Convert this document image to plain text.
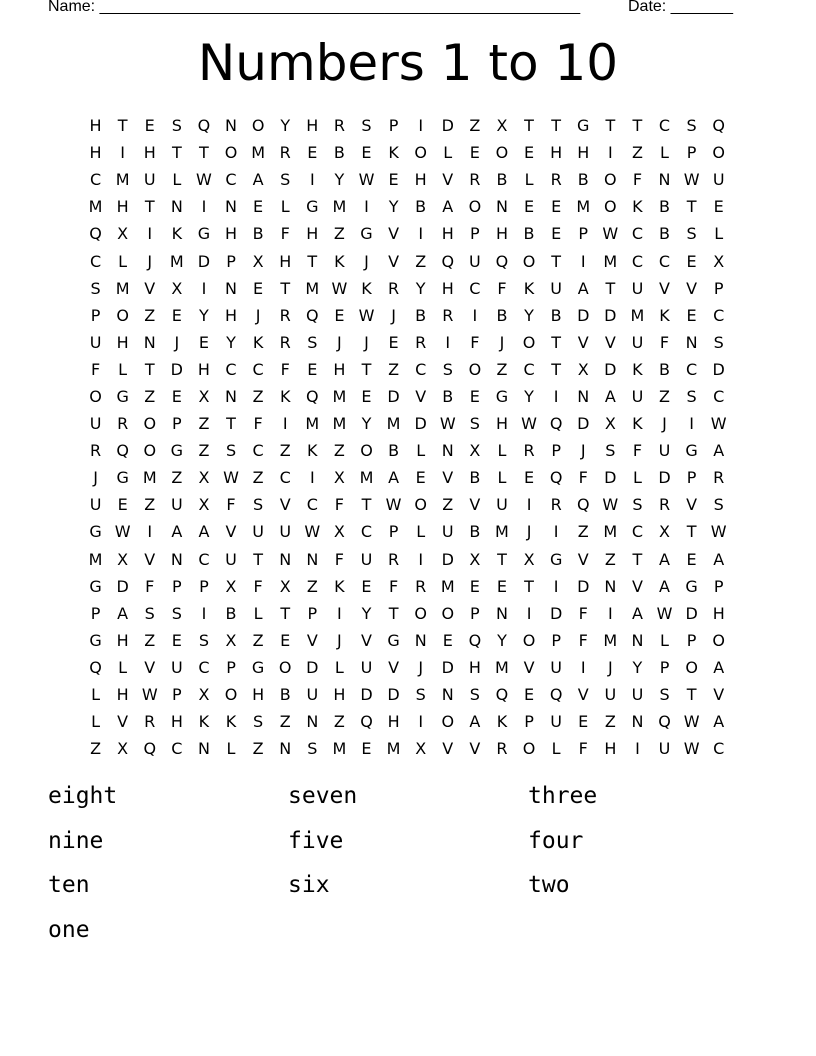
Name: ______________________________________________________	Date: _______
Numbers 1 to 10
H	T	E	S Q N O Y	H R	S	P	I	D Z	X	T	T	G	T	T	C	S Q
H	I	H	T	T O M R	E	B	E	K O	L	E O E	H H	I	Z	L	P O
C M U	L W C	A	S	I	Y W E	H V	R	B	L	R	B O	F	N W U
M H	T	N	I	N	E	L	G M	I	Y	B	A O N	E	E M O K	B	T	E
Q X	I	K G H B	F	H Z G V	I	H	P	H B	E	P W C	B	S	L
C	L	J	M D	P	X H	T	K	J	V	Z Q U Q O T	I	M C C	E	X
S M V	X	I	N	E	T M W K	R	Y	H C	F	K U A	T	U V	V	P
P O Z	E	Y	H	J	R Q E W	J	B	R	I	B	Y	B D D M K	E	C
U H N	J	E	Y	K	R	S	J	J	E	R	I	F	J	O T	V	V U	F	N	S
F	L	T	D H C C	F	E	H	T	Z	C	S O Z	C	T	X D K	B	C D
O G Z	E	X N Z	K Q M E D V	B	E G	Y	I	N A U Z	S	C
U R O P	Z	T	F	I	M M Y M D W S	H W Q D X	K	J	I	W
R Q O G Z	S	C	Z	K	Z O B	L	N X	L	R	P	J	S	F	U G A
J	G M Z	X W Z	C	I	X M A	E	V	B	L	E Q	F	D	L	D	P	R
U	E	Z U X	F	S	V	C	F	T W O Z	V U	I	R Q W S	R	V	S
G W	I	A	A	V U U W X	C	P	L	U B M	J	I	Z M C	X	T W
M X	V N C U	T	N N	F	U R	I	D X	T	X G V	Z	T	A	E	A
G D	F	P	P	X	F	X	Z	K	E	F	R M E	E	T	I	D N V	A G	P
P	A	S	S	I	B	L	T	P	I	Y	T O O P	N	I	D	F	I	A W D H
G H Z	E	S	X	Z	E	V	J	V G N	E Q Y O P	F M N	L	P O
Q	L	V U C	P	G O D	L	U V	J	D H M V U	I	J	Y	P O A
L	H W P	X O H B U H D D S	N	S Q E Q V U U	S	T	V
L	V	R H K	K	S	Z N Z Q H	I	O A	K	P	U	E	Z N Q W A
Z	X Q C N	L	Z N	S M E M X	V	V	R O	L	F	H	I	U W C
eight	seven	three
nine	five	four
ten	six	two
one
